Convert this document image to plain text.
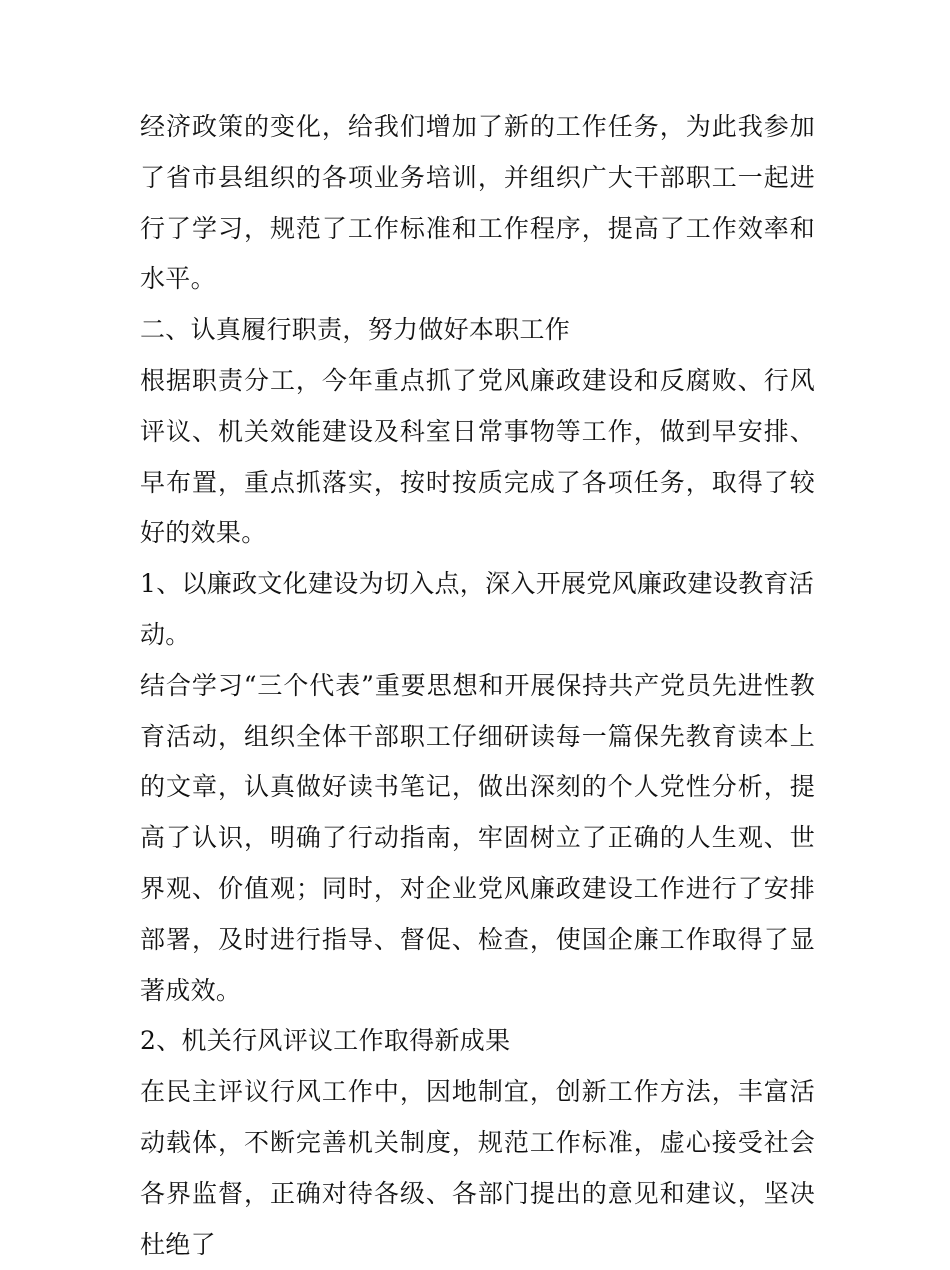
经济政策的变化，给我们增加了新的工作任务，为此我参加了省市县组织的各项业务培训，并组织广大干部职工一起进行了学习，规范了工作标准和工作程序，提高了工作效率和水平。

二、认真履行职责，努力做好本职工作

根据职责分工，今年重点抓了党风廉政建设和反腐败、行风评议、机关效能建设及科室日常事物等工作，做到早安排、早布置，重点抓落实，按时按质完成了各项任务，取得了较好的效果。

1、以廉政文化建设为切入点，深入开展党风廉政建设教育活动。

结合学习“三个代表”重要思想和开展保持共产党员先进性教育活动，组织全体干部职工仔细研读每一篇保先教育读本上的文章，认真做好读书笔记，做出深刻的个人党性分析，提高了认识，明确了行动指南，牢固树立了正确的人生观、世界观、价值观；同时，对企业党风廉政建设工作进行了安排部署，及时进行指导、督促、检查，使国企廉工作取得了显著成效。

2、机关行风评议工作取得新成果

在民主评议行风工作中，因地制宜，创新工作方法，丰富活动载体，不断完善机关制度，规范工作标准，虚心接受社会各界监督，正确对待各级、各部门提出的意见和建议，坚决杜绝了
